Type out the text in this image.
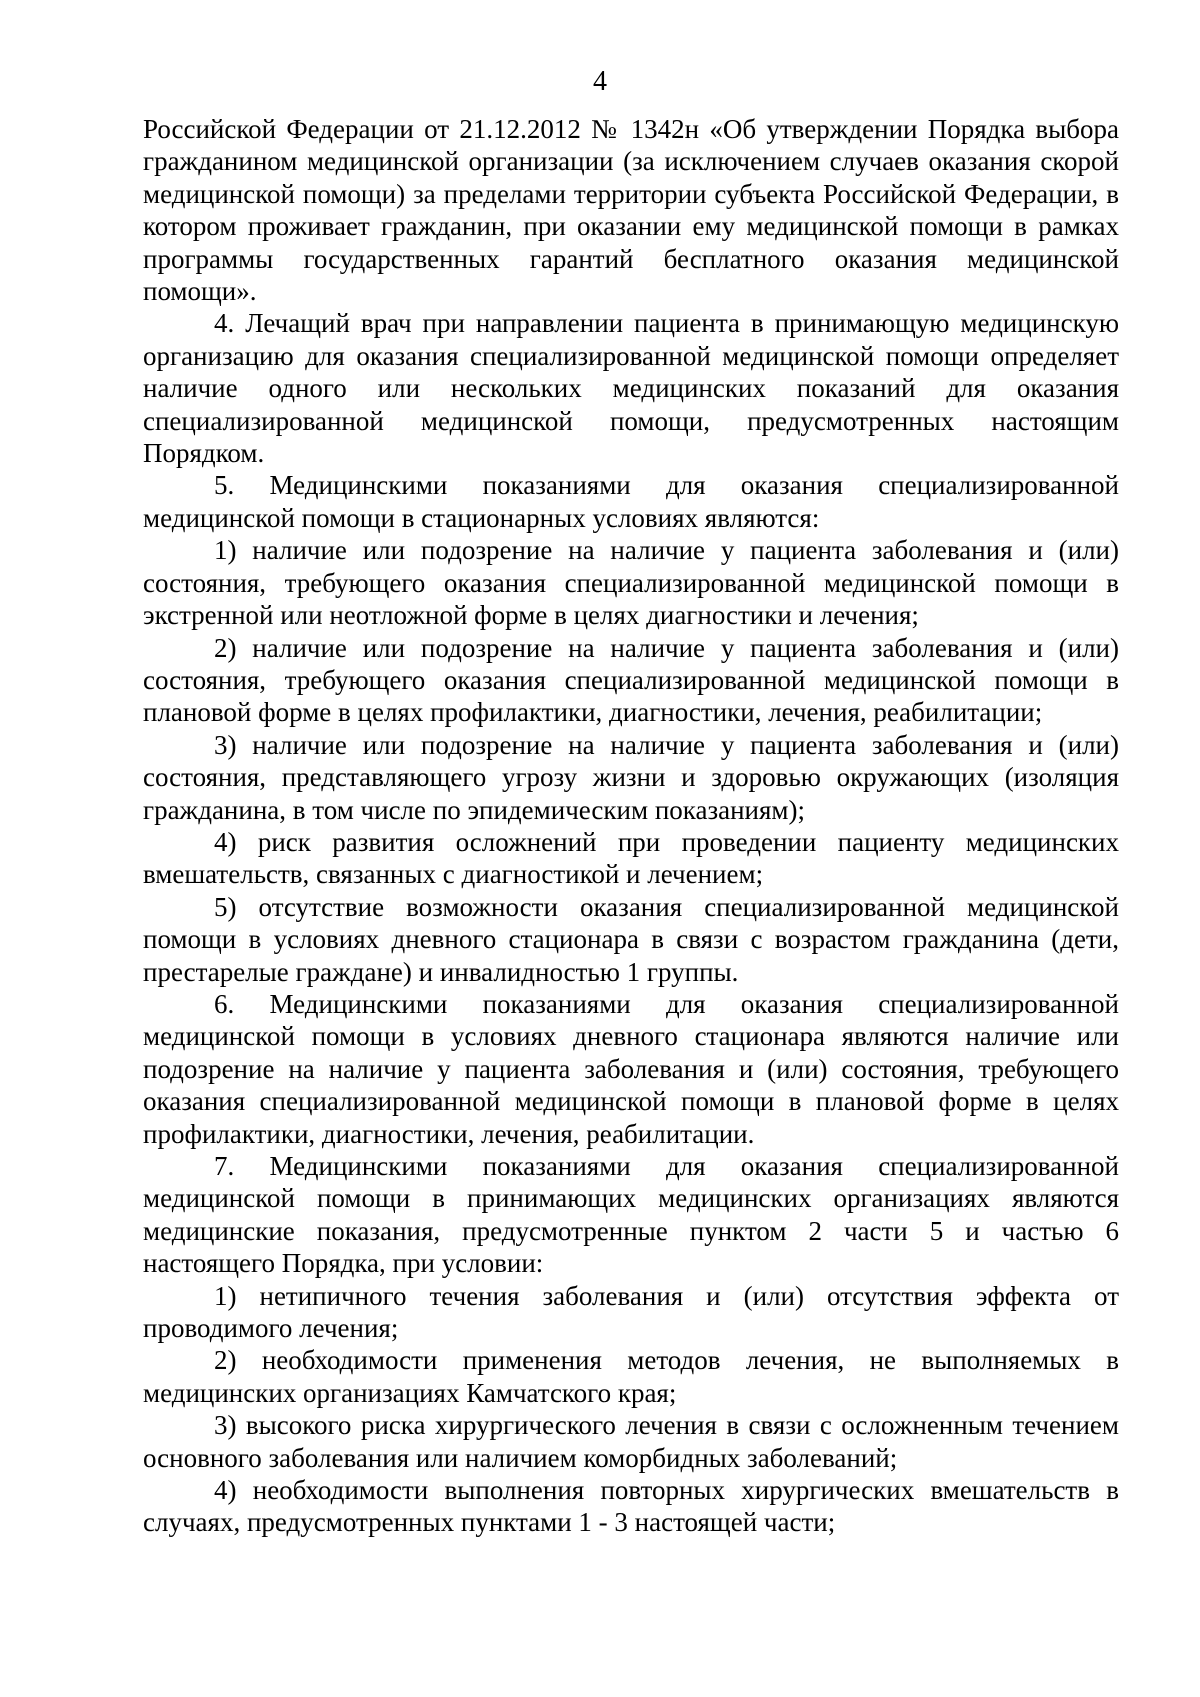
4

Российской Федерации от 21.12.2012 № 1342н «Об утверждении Порядка выбора гражданином медицинской организации (за исключением случаев оказания скорой медицинской помощи) за пределами территории субъекта Российской Федерации, в котором проживает гражданин, при оказании ему медицинской помощи в рамках программы государственных гарантий бесплатного оказания медицинской помощи».

4. Лечащий врач при направлении пациента в принимающую медицинскую организацию для оказания специализированной медицинской помощи определяет наличие одного или нескольких медицинских показаний для оказания специализированной медицинской помощи, предусмотренных настоящим Порядком.

5. Медицинскими показаниями для оказания специализированной медицинской помощи в стационарных условиях являются:

1) наличие или подозрение на наличие у пациента заболевания и (или) состояния, требующего оказания специализированной медицинской помощи в экстренной или неотложной форме в целях диагностики и лечения;

2) наличие или подозрение на наличие у пациента заболевания и (или) состояния, требующего оказания специализированной медицинской помощи в плановой форме в целях профилактики, диагностики, лечения, реабилитации;

3) наличие или подозрение на наличие у пациента заболевания и (или) состояния, представляющего угрозу жизни и здоровью окружающих (изоляция гражданина, в том числе по эпидемическим показаниям);

4) риск развития осложнений при проведении пациенту медицинских вмешательств, связанных с диагностикой и лечением;

5) отсутствие возможности оказания специализированной медицинской помощи в условиях дневного стационара в связи с возрастом гражданина (дети, престарелые граждане) и инвалидностью 1 группы.

6. Медицинскими показаниями для оказания специализированной медицинской помощи в условиях дневного стационара являются наличие или подозрение на наличие у пациента заболевания и (или) состояния, требующего оказания специализированной медицинской помощи в плановой форме в целях профилактики, диагностики, лечения, реабилитации.

7. Медицинскими показаниями для оказания специализированной медицинской помощи в принимающих медицинских организациях являются медицинские показания, предусмотренные пунктом 2 части 5 и частью 6 настоящего Порядка, при условии:

1) нетипичного течения заболевания и (или) отсутствия эффекта от проводимого лечения;

2) необходимости применения методов лечения, не выполняемых в медицинских организациях Камчатского края;

3) высокого риска хирургического лечения в связи с осложненным течением основного заболевания или наличием коморбидных заболеваний;

4) необходимости выполнения повторных хирургических вмешательств в случаях, предусмотренных пунктами 1 - 3 настоящей части;
